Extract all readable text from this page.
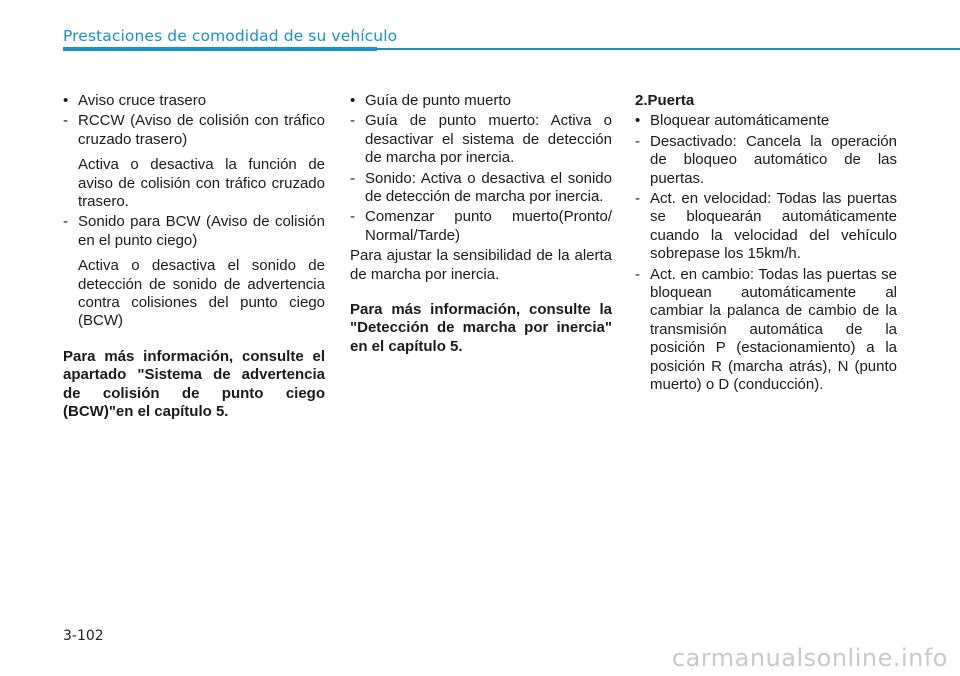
Prestaciones de comodidad de su vehículo
• Aviso cruce trasero
- RCCW (Aviso de colisión con tráfico cruzado trasero)
Activa o desactiva la función de aviso de colisión con tráfico cruzado trasero.
- Sonido para BCW (Aviso de colisión en el punto ciego)
Activa o desactiva el sonido de detección de sonido de advertencia contra colisiones del punto ciego (BCW)
Para más información, consulte el apartado "Sistema de advertencia de colisión de punto ciego (BCW)"en el capítulo 5.
• Guía de punto muerto
- Guía de punto muerto: Activa o desactivar el sistema de detección de marcha por inercia.
- Sonido: Activa o desactiva el sonido de detección de marcha por inercia.
- Comenzar punto muerto(Pronto/ Normal/Tarde)
Para ajustar la sensibilidad de la alerta de marcha por inercia.
Para más información, consulte la "Detección de marcha por inercia" en el capítulo 5.
2.Puerta
• Bloquear automáticamente
- Desactivado: Cancela la operación de bloqueo automático de las puertas.
- Act. en velocidad: Todas las puertas se bloquearán automáticamente cuando la velocidad del vehículo sobrepase los 15km/h.
- Act. en cambio: Todas las puertas se bloquean automáticamente al cambiar la palanca de cambio de la transmisión automática de la posición P (estacionamiento) a la posición R (marcha atrás), N (punto muerto) o D (conducción).
3-102
carmanualsonline.info
